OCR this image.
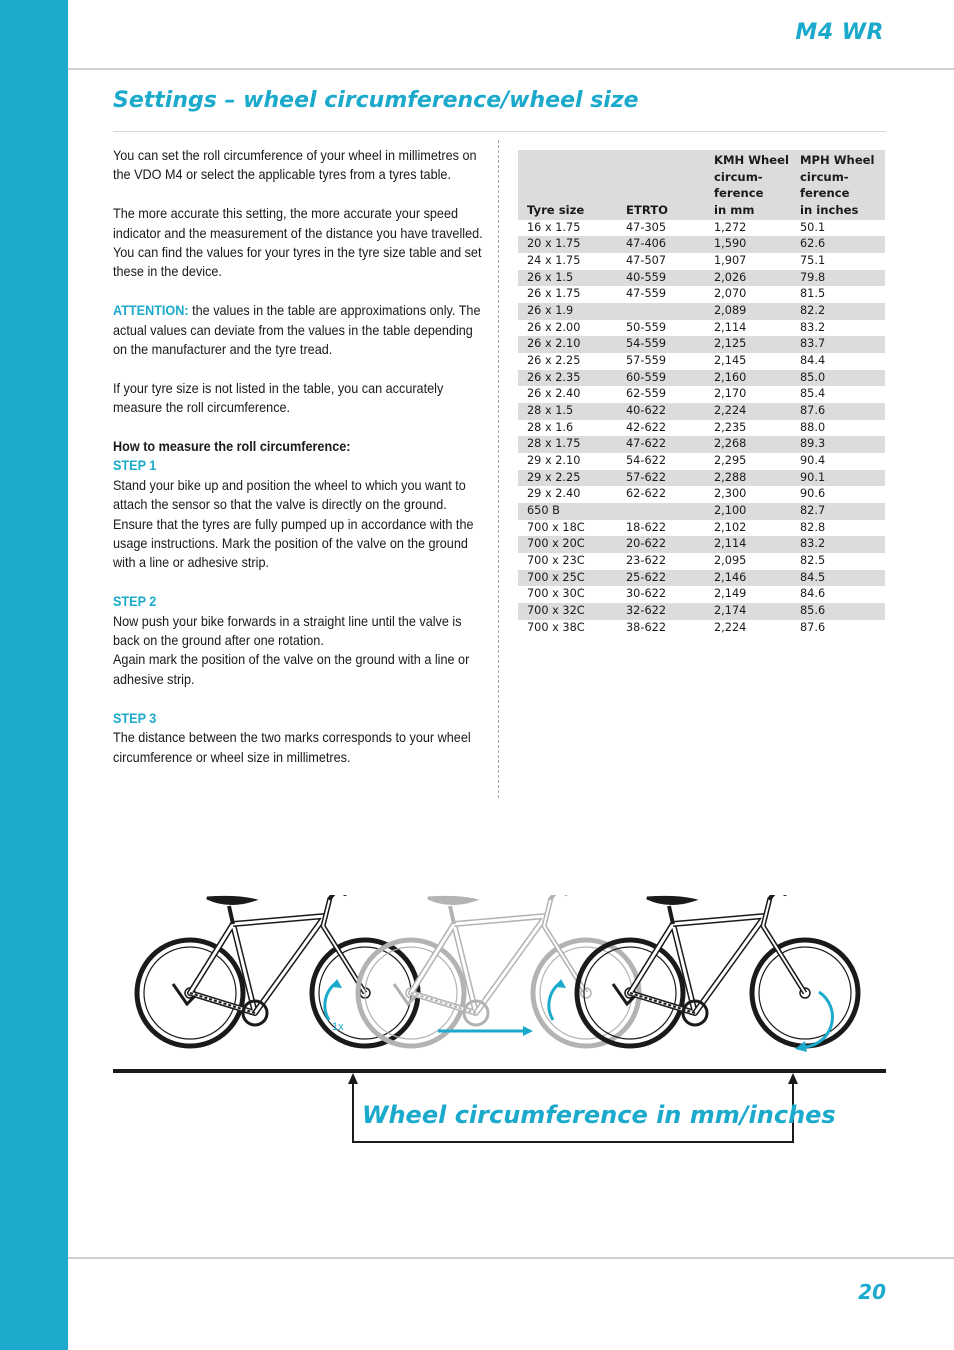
M4 WR
Settings – wheel circumference/wheel size

You can set the roll circumference of your wheel in millimetres on the VDO M4 or select the applicable tyres from a tyres table.

The more accurate this setting, the more accurate your speed indicator and the measurement of the distance you have travelled. You can find the values for your tyres in the tyre size table and set these in the device.

ATTENTION: the values in the table are approximations only. The actual values can deviate from the values in the table depending on the manufacturer and the tyre tread.

If your tyre size is not listed in the table, you can accurately measure the roll circumference.

How to measure the roll circumference:
STEP 1
Stand your bike up and position the wheel to which you want to attach the sensor so that the valve is directly on the ground. Ensure that the tyres are fully pumped up in accordance with the usage instructions. Mark the position of the valve on the ground with a line or adhesive strip.

STEP 2
Now push your bike forwards in a straight line until the valve is back on the ground after one rotation.
Again mark the position of the valve on the ground with a line or adhesive strip.

STEP 3
The distance between the two marks corresponds to your wheel circumference or wheel size in millimetres.

Tyre size	ETRTO	KMH Wheel
circum-
ference
in mm	MPH Wheel
circum-
ference
in inches
16 x 1.75	47-305	1,272	50.1
20 x 1.75	47-406	1,590	62.6
24 x 1.75	47-507	1,907	75.1
26 x 1.5	40-559	2,026	79.8
26 x 1.75	47-559	2,070	81.5
26 x 1.9		2,089	82.2
26 x 2.00	50-559	2,114	83.2
26 x 2.10	54-559	2,125	83.7
26 x 2.25	57-559	2,145	84.4
26 x 2.35	60-559	2,160	85.0
26 x 2.40	62-559	2,170	85.4
28 x 1.5	40-622	2,224	87.6
28 x 1.6	42-622	2,235	88.0
28 x 1.75	47-622	2,268	89.3
29 x 2.10	54-622	2,295	90.4
29 x 2.25	57-622	2,288	90.1
29 x 2.40	62-622	2,300	90.6
650 B		2,100	82.7
700 x 18C	18-622	2,102	82.8
700 x 20C	20-622	2,114	83.2
700 x 23C	23-622	2,095	82.5
700 x 25C	25-622	2,146	84.5
700 x 30C	30-622	2,149	84.6
700 x 32C	32-622	2,174	85.6
700 x 38C	38-622	2,224	87.6
1x
Wheel circumference in mm/inches
20
